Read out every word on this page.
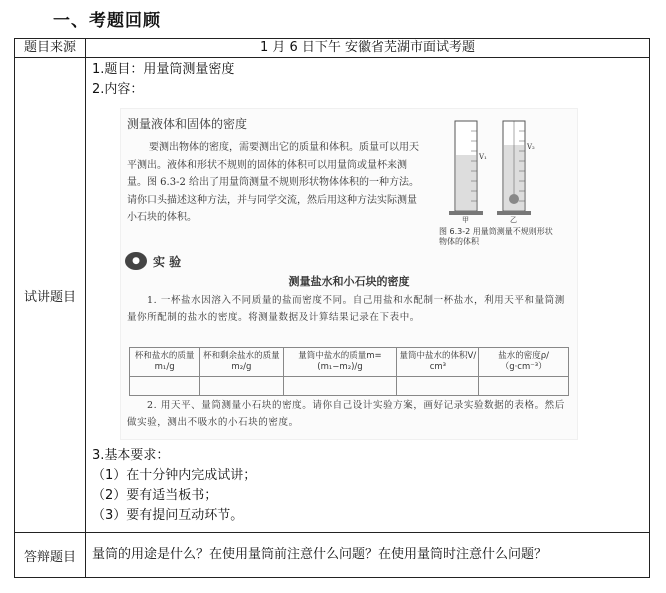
一、考题回顾
题目来源	1 月 6 日下午 安徽省芜湖市面试考题
试讲题目	
1.题目：用量筒测量密度
2.内容：
测量液体和固体的密度
要测出物体的密度，需要测出它的质量和体积。质量可以用天平测出。液体和形状不规则的固体的体积可以用量筒或量杯来测量。图 6.3-2 给出了用量筒测量不规则形状物体体积的一种方法。请你口头描述这种方法，并与同学交流，然后用这种方法实际测量小石块的体积。
V₁
甲
V₂
乙
图 6.3-2 用量筒测量不规则形状物体的体积
●	实 验
测量盐水和小石块的密度
1. 一杯盐水因溶入不同质量的盐而密度不同。自己用盐和水配制一杯盐水，利用天平和量筒测量你所配制的盐水的密度。将测量数据及计算结果记录在下表中。
杯和盐水的质量m₁/g	杯和剩余盐水的质量m₂/g	量筒中盐水的质量m=(m₁−m₂)/g	量筒中盐水的体积V/ cm³	盐水的密度ρ/（g·cm⁻³）

2. 用天平、量筒测量小石块的密度。请你自己设计实验方案，画好记录实验数据的表格。然后做实验，测出不吸水的小石块的密度。
3.基本要求：
（1）在十分钟内完成试讲；
（2）要有适当板书；
（3）要有提问互动环节。

答辩题目	量筒的用途是什么？在使用量筒前注意什么问题？在使用量筒时注意什么问题？
